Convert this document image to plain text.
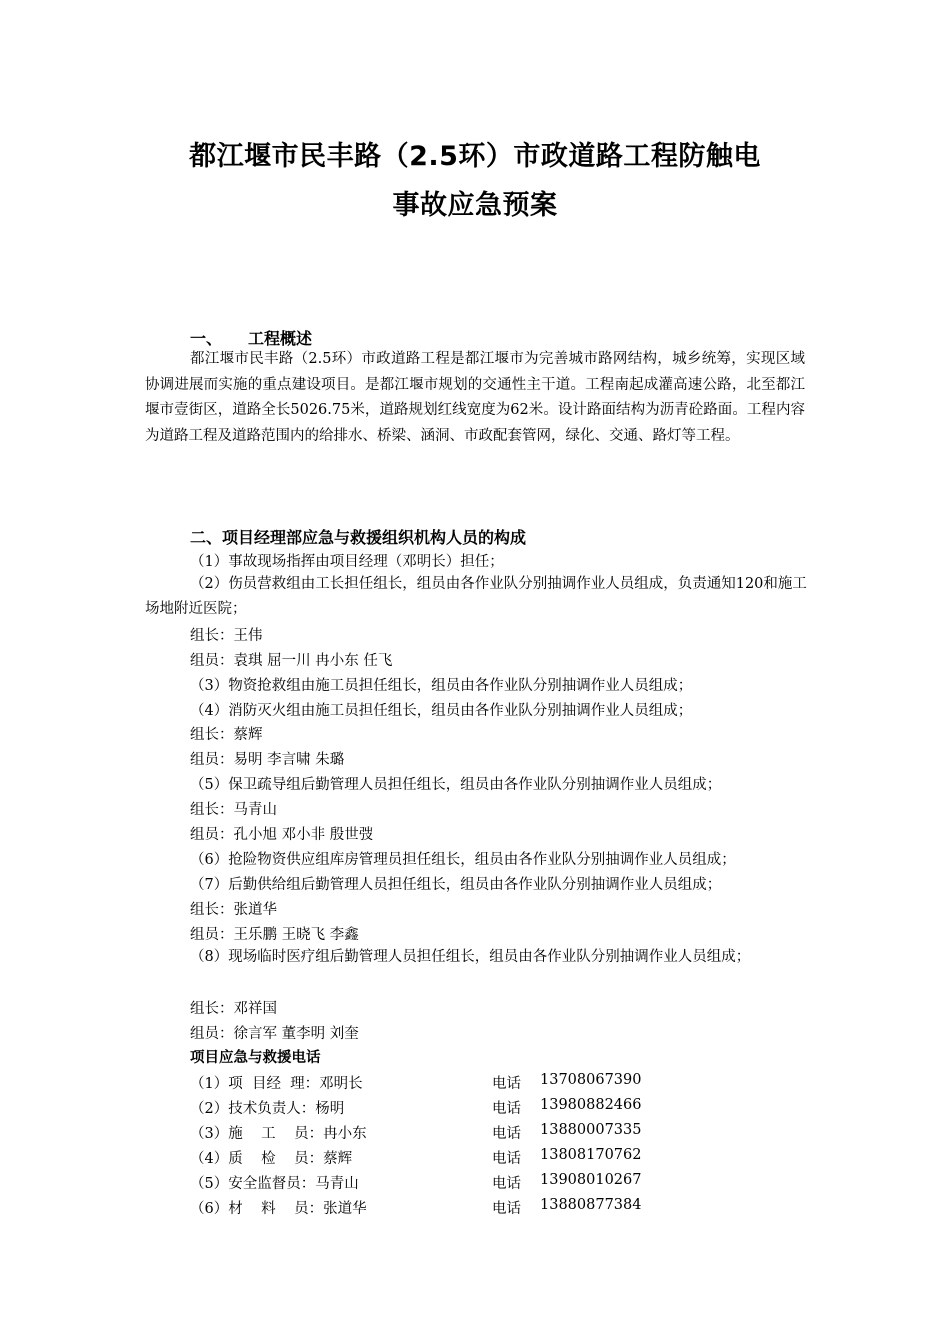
都江堰市民丰路（2.5环）市政道路工程防触电
事故应急预案
一、 工程概述
都江堰市民丰路（2.5环）市政道路工程是都江堰市为完善城市路网结构，城乡统筹，实现区域协调进展而实施的重点建设项目。是都江堰市规划的交通性主干道。工程南起成灌高速公路，北至都江堰市壹街区，道路全长5026.75米，道路规划红线宽度为62米。设计路面结构为沥青砼路面。工程内容为道路工程及道路范围内的给排水、桥梁、涵洞、市政配套管网，绿化、交通、路灯等工程。
二、项目经理部应急与救援组织机构人员的构成
（1）事故现场指挥由项目经理（邓明长）担任；
（2）伤员营救组由工长担任组长，组员由各作业队分别抽调作业人员组成，负责通知120和施工场地附近医院；
组长：王伟
组员：袁琪 屈一川 冉小东 任飞
（3）物资抢救组由施工员担任组长，组员由各作业队分别抽调作业人员组成；
（4）消防灭火组由施工员担任组长，组员由各作业队分别抽调作业人员组成；
组长：蔡辉
组员：易明 李言啸 朱璐
（5）保卫疏导组后勤管理人员担任组长，组员由各作业队分别抽调作业人员组成；
组长：马青山
组员：孔小旭 邓小非 殷世弢
（6）抢险物资供应组库房管理员担任组长，组员由各作业队分别抽调作业人员组成；
（7）后勤供给组后勤管理人员担任组长，组员由各作业队分别抽调作业人员组成；
组长：张道华
组员：王乐鹏 王晓飞 李鑫
（8）现场临时医疗组后勤管理人员担任组长，组员由各作业队分别抽调作业人员组成；
组长：邓祥国
组员：徐言军 董李明 刘奎
项目应急与救援电话
（1）项  目经  理：邓明长	电话 13708067390
（2）技术负责人：杨明	电话 13980882466
（3）施    工    员：冉小东	电话 13880007335
（4）质    检    员：蔡辉	电话 13808170762
（5）安全监督员：马青山	电话 13908010267
（6）材    料    员：张道华	电话 13880877384
